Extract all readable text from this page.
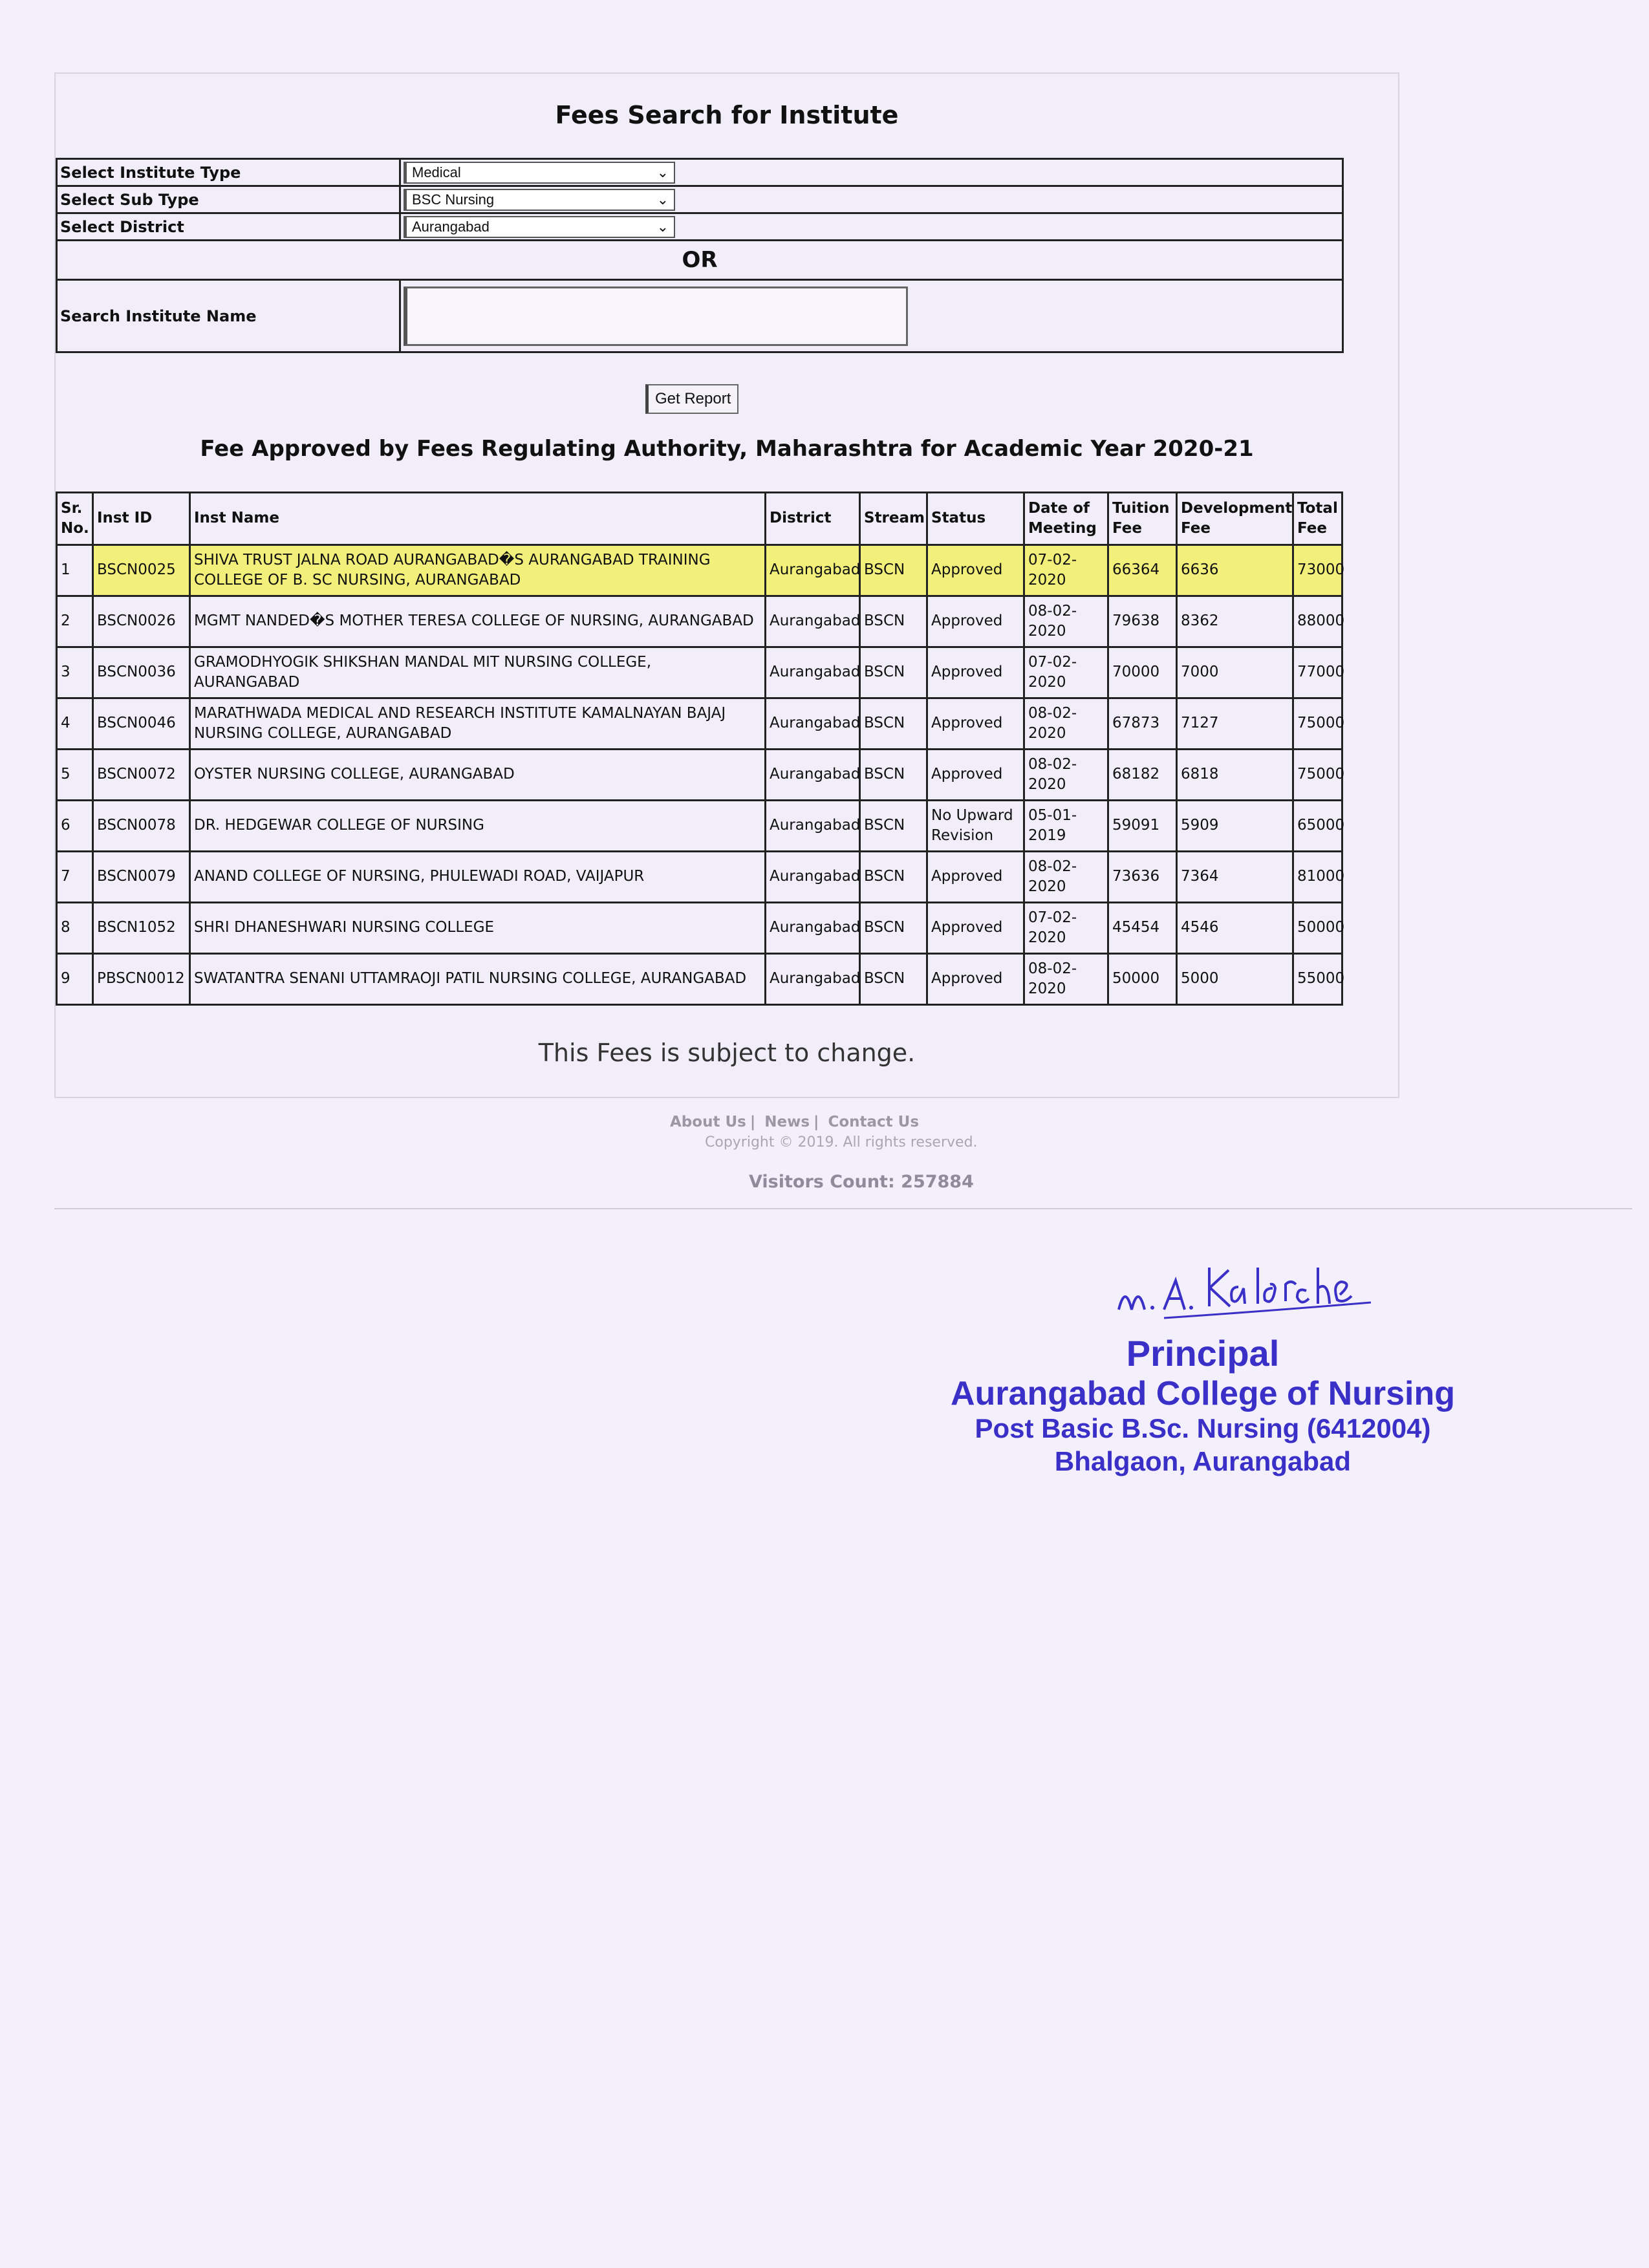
Fees Search for Institute
Select Institute Type	Medical ⌄

Select Sub Type	BSC Nursing ⌄

Select District	Aurangabad ⌄

OR	
Search Institute Name	
Get Report
Fee Approved by Fees Regulating Authority, Maharashtra for Academic Year 2020-21
Sr. No.	Inst ID	Inst Name	District	Stream	Status	Date of Meeting	Tuition Fee	Development Fee	Total Fee
1	BSCN0025	SHIVA TRUST JALNA ROAD AURANGABAD�S AURANGABAD TRAINING COLLEGE OF B. SC NURSING, AURANGABAD	Aurangabad	BSCN	Approved	07-02-2020	66364	6636	73000
2	BSCN0026	MGMT NANDED�S MOTHER TERESA COLLEGE OF NURSING, AURANGABAD	Aurangabad	BSCN	Approved	08-02-2020	79638	8362	88000
3	BSCN0036	GRAMODHYOGIK SHIKSHAN MANDAL MIT NURSING COLLEGE, AURANGABAD	Aurangabad	BSCN	Approved	07-02-2020	70000	7000	77000
4	BSCN0046	MARATHWADA MEDICAL AND RESEARCH INSTITUTE KAMALNAYAN BAJAJ NURSING COLLEGE, AURANGABAD	Aurangabad	BSCN	Approved	08-02-2020	67873	7127	75000
5	BSCN0072	OYSTER NURSING COLLEGE, AURANGABAD	Aurangabad	BSCN	Approved	08-02-2020	68182	6818	75000
6	BSCN0078	DR. HEDGEWAR COLLEGE OF NURSING	Aurangabad	BSCN	No Upward Revision	05-01-2019	59091	5909	65000
7	BSCN0079	ANAND COLLEGE OF NURSING, PHULEWADI ROAD, VAIJAPUR	Aurangabad	BSCN	Approved	08-02-2020	73636	7364	81000
8	BSCN1052	SHRI DHANESHWARI NURSING COLLEGE	Aurangabad	BSCN	Approved	07-02-2020	45454	4546	50000
9	PBSCN0012	SWATANTRA SENANI UTTAMRAOJI PATIL NURSING COLLEGE, AURANGABAD	Aurangabad	BSCN	Approved	08-02-2020	50000	5000	55000

This Fees is subject to change.

About Us | News | Contact Us
Copyright © 2019. All rights reserved.
Visitors Count: 257884
Principal
Aurangabad College of Nursing
Post Basic B.Sc. Nursing (6412004)
Bhalgaon, Aurangabad
